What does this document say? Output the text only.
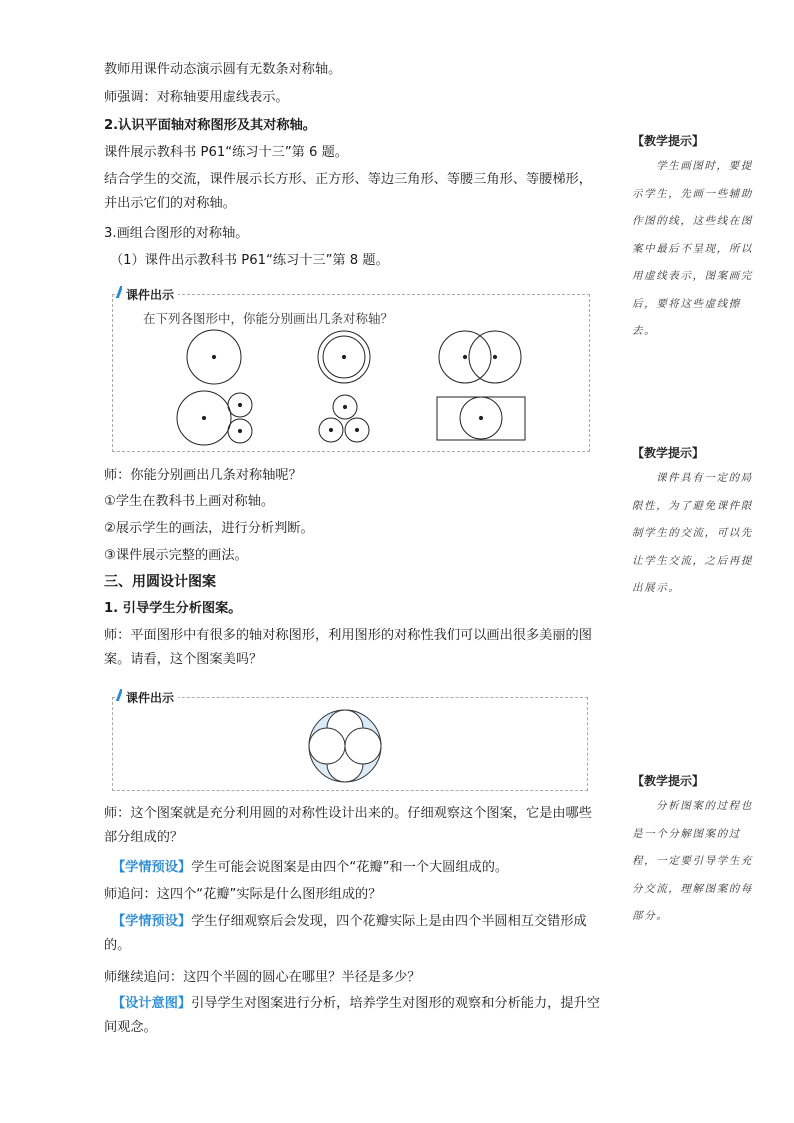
教师用课件动态演示圆有无数条对称轴。
师强调：对称轴要用虚线表示。
2.认识平面轴对称图形及其对称轴。
课件展示教科书 P61“练习十三”第 6 题。
结合学生的交流，课件展示长方形、正方形、等边三角形、等腰三角形、等腰梯形，并出示它们的对称轴。
3.画组合图形的对称轴。
（1）课件出示教科书 P61“练习十三”第 8 题。
课件出示
在下列各图形中，你能分别画出几条对称轴？
师：你能分别画出几条对称轴呢？
①学生在教科书上画对称轴。
②展示学生的画法，进行分析判断。
③课件展示完整的画法。
三、用圆设计图案
1. 引导学生分析图案。
师：平面图形中有很多的轴对称图形，利用图形的对称性我们可以画出很多美丽的图案。请看，这个图案美吗？
课件出示
师：这个图案就是充分利用圆的对称性设计出来的。仔细观察这个图案，它是由哪些部分组成的？
【学情预设】学生可能会说图案是由四个“花瓣”和一个大圆组成的。
师追问：这四个“花瓣”实际是什么图形组成的？
【学情预设】学生仔细观察后会发现，四个花瓣实际上是由四个半圆相互交错形成的。
师继续追问：这四个半圆的圆心在哪里？半径是多少？
【设计意图】引导学生对图案进行分析，培养学生对图形的观察和分析能力，提升空间观念。
【教学提示】
学生画图时，要提示学生，先画一些辅助作图的线，这些线在图案中最后不呈现，所以用虚线表示，图案画完后，要将这些虚线擦去。
【教学提示】
课件具有一定的局限性，为了避免课件限制学生的交流，可以先让学生交流，之后再提出展示。
【教学提示】
分析图案的过程也是一个分解图案的过程，一定要引导学生充分交流，理解图案的每部分。
